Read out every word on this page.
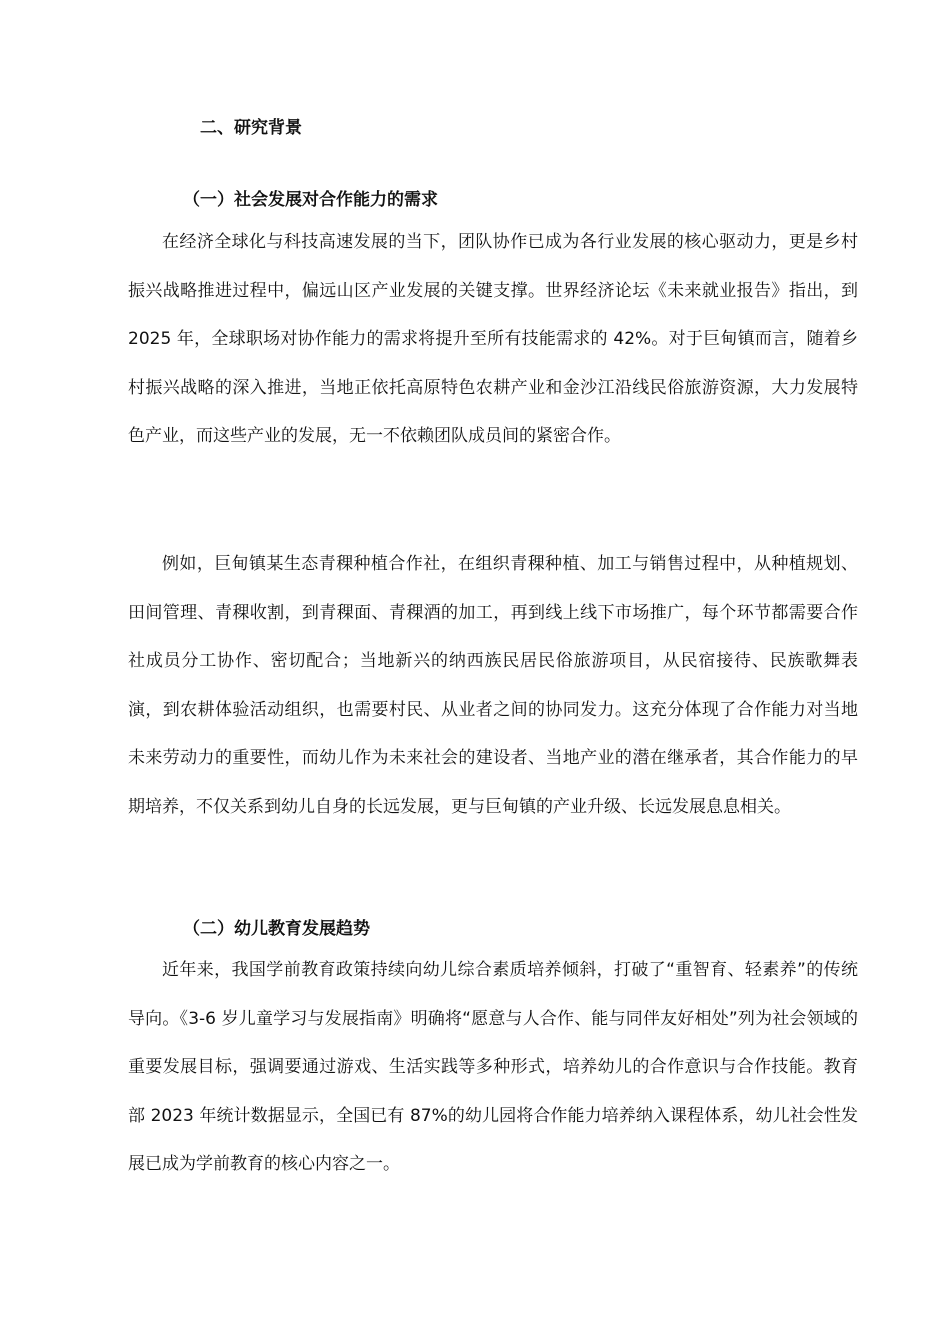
二、研究背景
（一）社会发展对合作能力的需求

在经济全球化与科技高速发展的当下，团队协作已成为各行业发展的核心驱动力，更是乡村振兴战略推进过程中，偏远山区产业发展的关键支撑。世界经济论坛《未来就业报告》指出，到 2025 年，全球职场对协作能力的需求将提升至所有技能需求的 42%。对于巨甸镇而言，随着乡村振兴战略的深入推进，当地正依托高原特色农耕产业和金沙江沿线民俗旅游资源，大力发展特色产业，而这些产业的发展，无一不依赖团队成员间的紧密合作。

例如，巨甸镇某生态青稞种植合作社，在组织青稞种植、加工与销售过程中，从种植规划、田间管理、青稞收割，到青稞面、青稞酒的加工，再到线上线下市场推广，每个环节都需要合作社成员分工协作、密切配合；当地新兴的纳西族民居民俗旅游项目，从民宿接待、民族歌舞表演，到农耕体验活动组织，也需要村民、从业者之间的协同发力。这充分体现了合作能力对当地未来劳动力的重要性，而幼儿作为未来社会的建设者、当地产业的潜在继承者，其合作能力的早期培养，不仅关系到幼儿自身的长远发展，更与巨甸镇的产业升级、长远发展息息相关。

（二）幼儿教育发展趋势

近年来，我国学前教育政策持续向幼儿综合素质培养倾斜，打破了“重智育、轻素养”的传统导向。《3-6 岁儿童学习与发展指南》明确将“愿意与人合作、能与同伴友好相处”列为社会领域的重要发展目标，强调要通过游戏、生活实践等多种形式，培养幼儿的合作意识与合作技能。教育部 2023 年统计数据显示，全国已有 87%的幼儿园将合作能力培养纳入课程体系，幼儿社会性发展已成为学前教育的核心内容之一。
